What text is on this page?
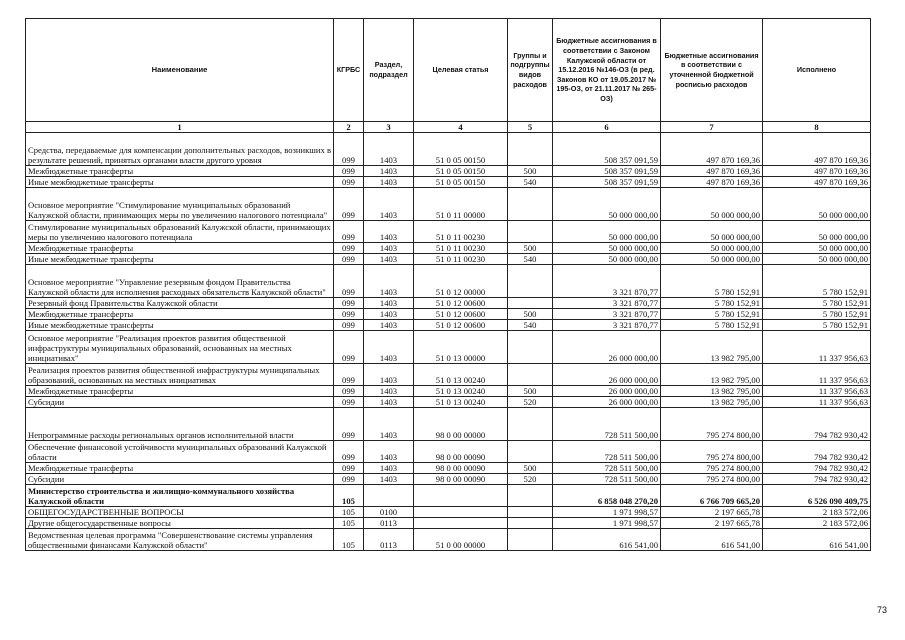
Наименование	КГРБС	Раздел, подраздел	Целевая статья	Группы и подгруппы видов расходов	Бюджетные ассигнования в соответствии с Законом Калужской области от 15.12.2016 №146-ОЗ (в ред. Законов КО от 19.05.2017 № 195-ОЗ, от 21.11.2017 № 265-ОЗ)	Бюджетные ассигнования в соответствии с уточненной бюджетной росписью расходов	Исполнено
1	2	3	4	5	6	7	8
Средства, передаваемые для компенсации дополнительных расходов, возникших в результате решений, принятых органами власти другого уровня	099	1403	51 0 05 00150		508 357 091,59	497 870 169,36	497 870 169,36
Межбюджетные трансферты	099	1403	51 0 05 00150	500	508 357 091,59	497 870 169,36	497 870 169,36
Иные межбюджетные трансферты	099	1403	51 0 05 00150	540	508 357 091,59	497 870 169,36	497 870 169,36
Основное мероприятие "Стимулирование муниципальных образований Калужской области, принимающих меры по увеличению налогового потенциала"	099	1403	51 0 11 00000		50 000 000,00	50 000 000,00	50 000 000,00
Стимулирование муниципальных образований Калужской области, принимающих меры по увеличению налогового потенциала	099	1403	51 0 11 00230		50 000 000,00	50 000 000,00	50 000 000,00
Межбюджетные трансферты	099	1403	51 0 11 00230	500	50 000 000,00	50 000 000,00	50 000 000,00
Иные межбюджетные трансферты	099	1403	51 0 11 00230	540	50 000 000,00	50 000 000,00	50 000 000,00
Основное мероприятие "Управление резервным фондом Правительства Калужской области для исполнения расходных обязательств Калужской области"	099	1403	51 0 12 00000		3 321 870,77	5 780 152,91	5 780 152,91
Резервный фонд Правительства Калужской области	099	1403	51 0 12 00600		3 321 870,77	5 780 152,91	5 780 152,91
Межбюджетные трансферты	099	1403	51 0 12 00600	500	3 321 870,77	5 780 152,91	5 780 152,91
Иные межбюджетные трансферты	099	1403	51 0 12 00600	540	3 321 870,77	5 780 152,91	5 780 152,91
Основное мероприятие "Реализация проектов развития общественной инфраструктуры муниципальных образований, основанных на местных инициативах"	099	1403	51 0 13 00000		26 000 000,00	13 982 795,00	11 337 956,63
Реализация проектов развития общественной инфраструктуры муниципальных образований, основанных на местных инициативах	099	1403	51 0 13 00240		26 000 000,00	13 982 795,00	11 337 956,63
Межбюджетные трансферты	099	1403	51 0 13 00240	500	26 000 000,00	13 982 795,00	11 337 956,63
Субсидии	099	1403	51 0 13 00240	520	26 000 000,00	13 982 795,00	11 337 956,63
Непрограммные расходы региональных органов исполнительной власти	099	1403	98 0 00 00000		728 511 500,00	795 274 800,00	794 782 930,42
Обеспечение финансовой устойчивости муниципальных образований Калужской области	099	1403	98 0 00 00090		728 511 500,00	795 274 800,00	794 782 930,42
Межбюджетные трансферты	099	1403	98 0 00 00090	500	728 511 500,00	795 274 800,00	794 782 930,42
Субсидии	099	1403	98 0 00 00090	520	728 511 500,00	795 274 800,00	794 782 930,42
Министерство строительства и жилищно-коммунального хозяйства Калужской области	105				6 858 048 270,20	6 766 709 665,20	6 526 090 409,75
ОБЩЕГОСУДАРСТВЕННЫЕ ВОПРОСЫ	105	0100			1 971 998,57	2 197 665,78	2 183 572,06
Другие общегосударственные вопросы	105	0113			1 971 998,57	2 197 665,78	2 183 572,06
Ведомственная целевая программа "Совершенствование системы управления общественными финансами Калужской области"	105	0113	51 0 00 00000		616 541,00	616 541,00	616 541,00
73
